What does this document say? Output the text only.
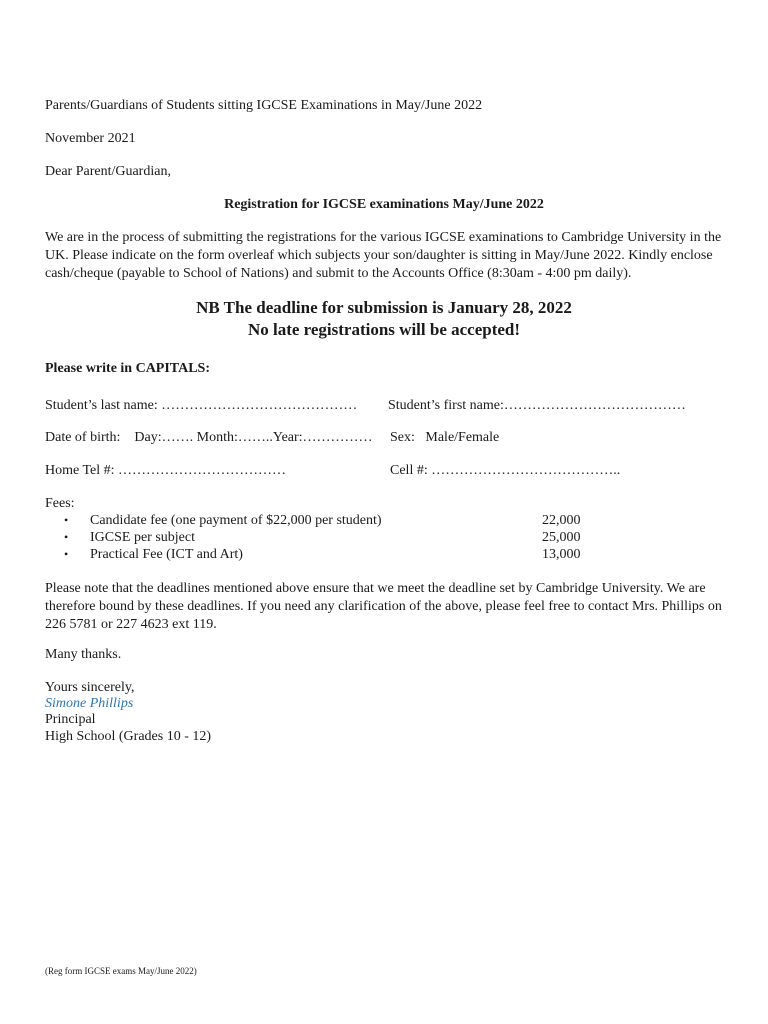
Parents/Guardians of Students sitting IGCSE Examinations in May/June 2022
November 2021
Dear Parent/Guardian,
Registration for IGCSE examinations May/June 2022
We are in the process of submitting the registrations for the various IGCSE examinations to Cambridge University in the UK. Please indicate on the form overleaf which subjects your son/daughter is sitting in May/June 2022. Kindly enclose cash/cheque (payable to School of Nations) and submit to the Accounts Office (8:30am - 4:00 pm daily).
NB The deadline for submission is January 28, 2022
No late registrations will be accepted!
Please write in CAPITALS:
Student’s last name: …………………………………… Student’s first name:…………………………………
Date of birth:    Day:……. Month:……..Year:…………… Sex:   Male/Female
Home Tel #: ………………………………	Cell #: …………………………………..
Fees:
• Candidate fee (one payment of $22,000 per student)	22,000
• IGCSE per subject	25,000
• Practical Fee (ICT and Art)	13,000
Please note that the deadlines mentioned above ensure that we meet the deadline set by Cambridge University. We are therefore bound by these deadlines. If you need any clarification of the above, please feel free to contact Mrs. Phillips on 226 5781 or 227 4623 ext 119.
Many thanks.
Yours sincerely,
Simone Phillips
Principal
High School (Grades 10 - 12)
(Reg form IGCSE exams May/June 2022)
